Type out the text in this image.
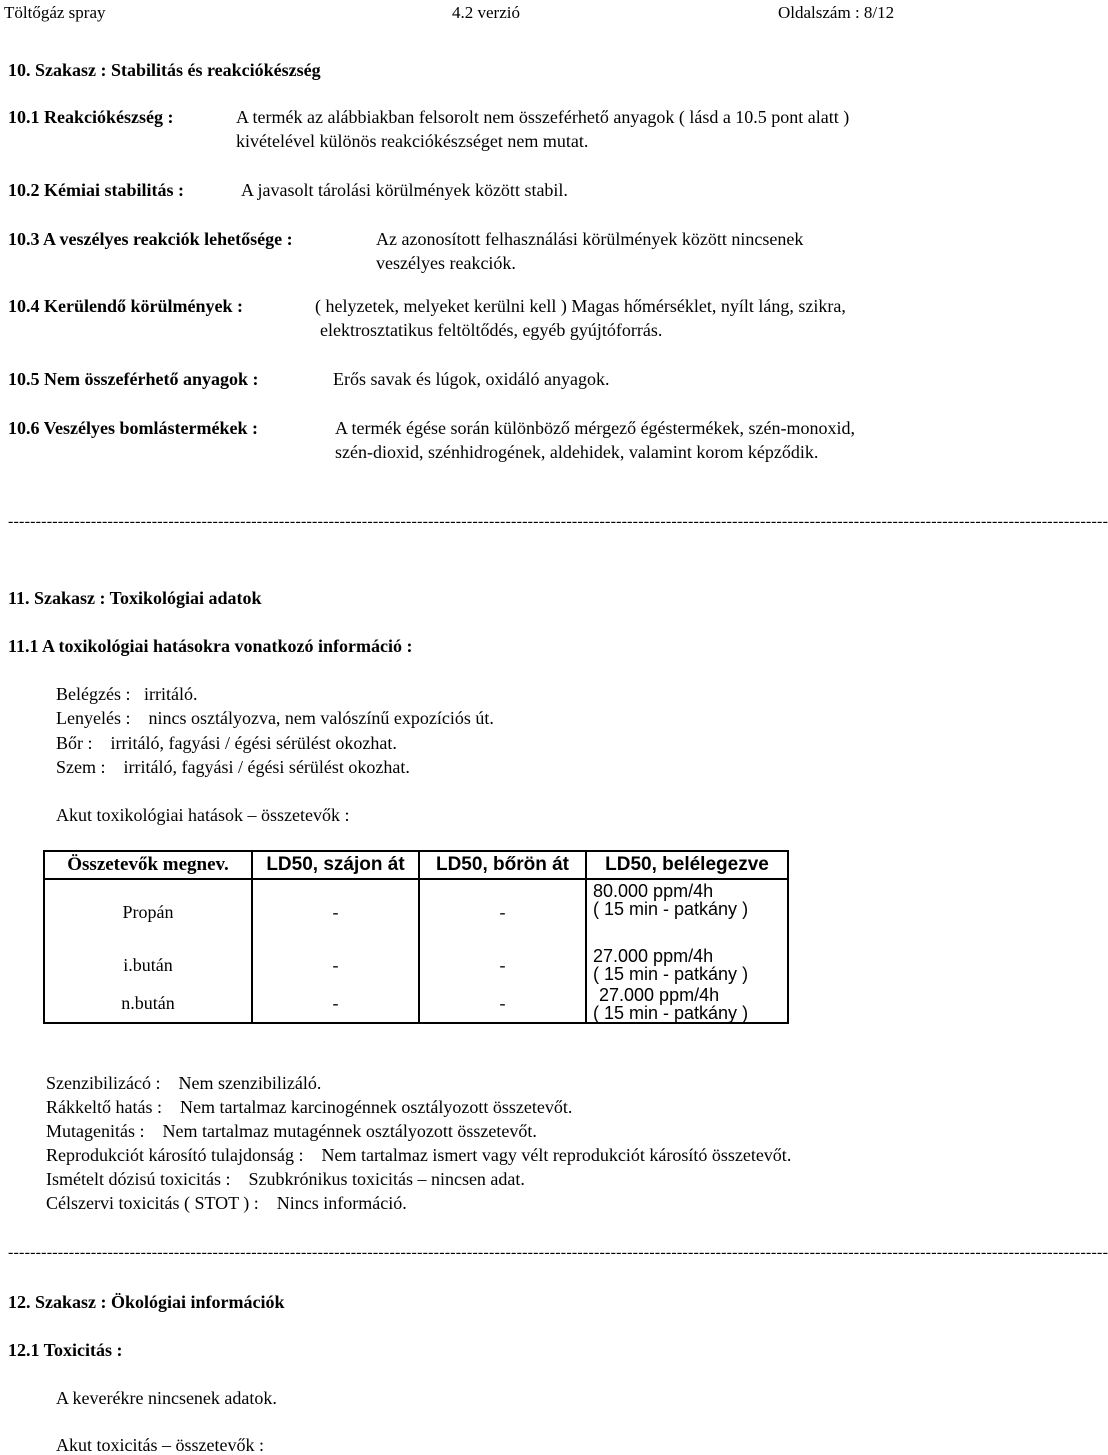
Töltőgáz spray	4.2 verzió	Oldalszám : 8/12
10. Szakasz : Stabilitás és reakciókészség
10.1 Reakciókészség :	A termék az alábbiakban felsorolt nem összeférhető anyagok ( lásd a 10.5 pont alatt )
kivételével különös reakciókészséget nem mutat.
10.2 Kémiai stabilitás :	A javasolt tárolási körülmények között stabil.
10.3 A veszélyes reakciók lehetősége :	Az azonosított felhasználási körülmények között nincsenek
veszélyes reakciók.
10.4 Kerülendő körülmények :	( helyzetek, melyeket kerülni kell ) Magas hőmérséklet, nyílt láng, szikra,
elektrosztatikus feltöltődés, egyéb gyújtóforrás.
10.5 Nem összeférhető anyagok :	Erős savak és lúgok, oxidáló anyagok.
10.6 Veszélyes bomlástermékek :	A termék égése során különböző mérgező égéstermékek, szén-monoxid,
szén-dioxid, szénhidrogének, aldehidek, valamint korom képződik.
-------------------------------------------------------------------------------------------------------------------------------------------------------------------------------------------------------
11. Szakasz : Toxikológiai adatok
11.1 A toxikológiai hatásokra vonatkozó információ :
Belégzés :   irritáló.
Lenyelés :    nincs osztályozva, nem valószínű expozíciós út.
Bőr :    irritáló, fagyási / égési sérülést okozhat.
Szem :    irritáló, fagyási / égési sérülést okozhat.
Akut toxikológiai hatások – összetevők :
Összetevők megnev.	LD50, szájon át	LD50, bőrön át	LD50, belélegezve
Propán	-	-	80.000 ppm/4h
( 15 min - patkány )

i.bután	-	-	27.000 ppm/4h
( 15 min - patkány )

n.bután	-	-	27.000 ppm/4h
( 15 min - patkány )
Szenzibilizácó :    Nem szenzibilizáló.
Rákkeltő hatás :    Nem tartalmaz karcinogénnek osztályozott összetevőt.
Mutagenitás :    Nem tartalmaz mutagénnek osztályozott összetevőt.
Reprodukciót károsító tulajdonság :    Nem tartalmaz ismert vagy vélt reprodukciót károsító összetevőt.
Ismételt dózisú toxicitás :    Szubkrónikus toxicitás – nincsen adat.
Célszervi toxicitás ( STOT ) :    Nincs információ.
-------------------------------------------------------------------------------------------------------------------------------------------------------------------------------------------------------
12. Szakasz : Ökológiai információk
12.1 Toxicitás :
A keverékre nincsenek adatok.
Akut toxicitás – összetevők :
